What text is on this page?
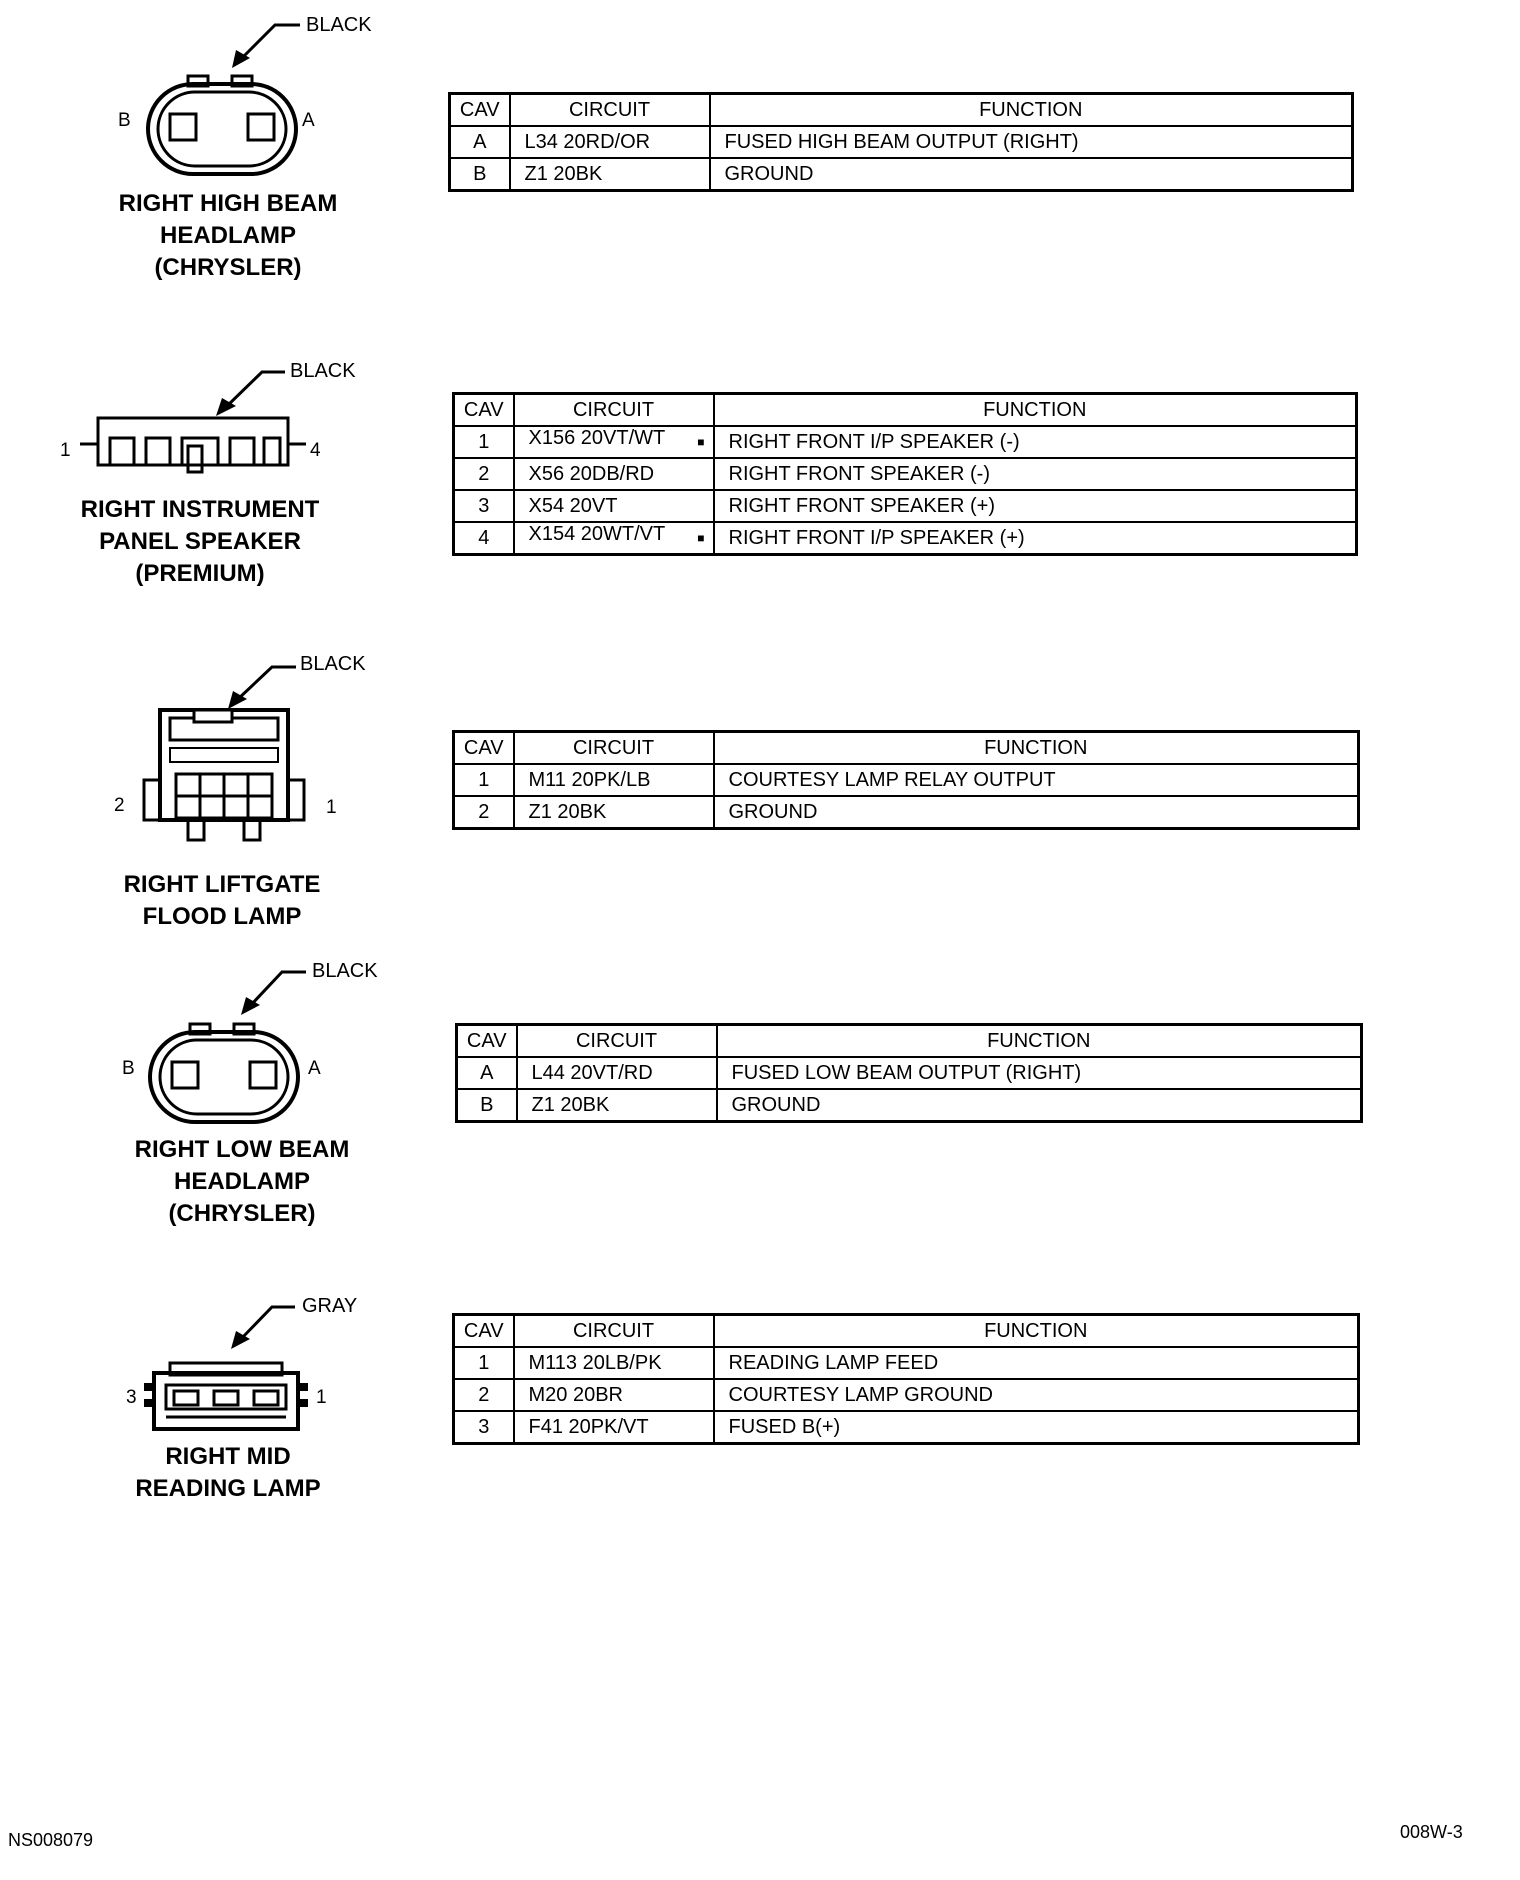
BLACK
B	A
RIGHT HIGH BEAM
HEADLAMP
(CHRYSLER)
CAV	CIRCUIT	FUNCTION
A	L34 20RD/OR	FUSED HIGH BEAM OUTPUT (RIGHT)
B	Z1 20BK	GROUND
BLACK
1	4
RIGHT INSTRUMENT
PANEL SPEAKER
(PREMIUM)
CAV	CIRCUIT	FUNCTION
1	X156 20VT/WT ■	RIGHT FRONT I/P SPEAKER (-)
2	X56 20DB/RD	RIGHT FRONT SPEAKER (-)
3	X54 20VT	RIGHT FRONT SPEAKER (+)
4	X154 20WT/VT ■	RIGHT FRONT I/P SPEAKER (+)
BLACK
2	1
RIGHT LIFTGATE
FLOOD LAMP
CAV	CIRCUIT	FUNCTION
1	M11 20PK/LB	COURTESY LAMP RELAY OUTPUT
2	Z1 20BK	GROUND
BLACK
B	A
RIGHT LOW BEAM
HEADLAMP
(CHRYSLER)
CAV	CIRCUIT	FUNCTION
A	L44 20VT/RD	FUSED LOW BEAM OUTPUT (RIGHT)
B	Z1 20BK	GROUND
GRAY
3	1
RIGHT MID
READING LAMP
CAV	CIRCUIT	FUNCTION
1	M113 20LB/PK	READING LAMP FEED
2	M20 20BR	COURTESY LAMP GROUND
3	F41 20PK/VT	FUSED B(+)
NS008079	008W-3
